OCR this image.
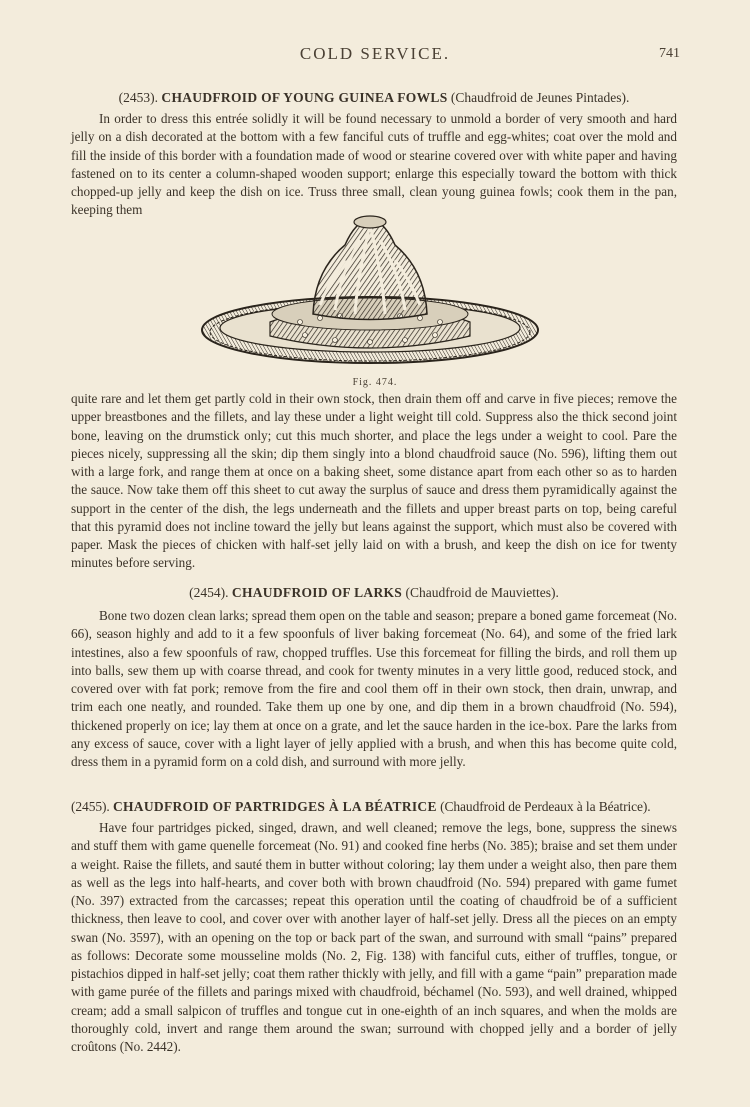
COLD SERVICE.	741

(2453). CHAUDFROID OF YOUNG GUINEA FOWLS (Chaudfroid de Jeunes Pintades).

In order to dress this entrée solidly it will be found necessary to unmold a border of very smooth and hard jelly on a dish decorated at the bottom with a few fanciful cuts of truffle and egg-whites; coat over the mold and fill the inside of this border with a foundation made of wood or stearine covered over with white paper and having fastened on to its center a column-shaped wooden support; enlarge this especially toward the bottom with thick chopped-up jelly and keep the dish on ice. Truss three small, clean young guinea fowls; cook them in the pan, keeping them

Fig. 474.

quite rare and let them get partly cold in their own stock, then drain them off and carve in five pieces; remove the upper breastbones and the fillets, and lay these under a light weight till cold. Suppress also the thick second joint bone, leaving on the drumstick only; cut this much shorter, and place the legs under a weight to cool. Pare the pieces nicely, suppressing all the skin; dip them singly into a blond chaudfroid sauce (No. 596), lifting them out with a large fork, and range them at once on a baking sheet, some distance apart from each other so as to harden the sauce. Now take them off this sheet to cut away the surplus of sauce and dress them pyramidically against the support in the center of the dish, the legs underneath and the fillets and upper breast parts on top, being careful that this pyramid does not incline toward the jelly but leans against the support, which must also be covered with paper. Mask the pieces of chicken with half-set jelly laid on with a brush, and keep the dish on ice for twenty minutes before serving.

(2454). CHAUDFROID OF LARKS (Chaudfroid de Mauviettes).

Bone two dozen clean larks; spread them open on the table and season; prepare a boned game forcemeat (No. 66), season highly and add to it a few spoonfuls of liver baking forcemeat (No. 64), and some of the fried lark intestines, also a few spoonfuls of raw, chopped truffles. Use this forcemeat for filling the birds, and roll them up into balls, sew them up with coarse thread, and cook for twenty minutes in a very little good, reduced stock, and covered over with fat pork; remove from the fire and cool them off in their own stock, then drain, unwrap, and trim each one neatly, and rounded. Take them up one by one, and dip them in a brown chaudfroid (No. 594), thickened properly on ice; lay them at once on a grate, and let the sauce harden in the ice-box. Pare the larks from any excess of sauce, cover with a light layer of jelly applied with a brush, and when this has become quite cold, dress them in a pyramid form on a cold dish, and surround with more jelly.

(2455). CHAUDFROID OF PARTRIDGES À LA BÉATRICE (Chaudfroid de Perdeaux à la Béatrice).

Have four partridges picked, singed, drawn, and well cleaned; remove the legs, bone, suppress the sinews and stuff them with game quenelle forcemeat (No. 91) and cooked fine herbs (No. 385); braise and set them under a weight. Raise the fillets, and sauté them in butter without coloring; lay them under a weight also, then pare them as well as the legs into half-hearts, and cover both with brown chaudfroid (No. 594) prepared with game fumet (No. 397) extracted from the carcasses; repeat this operation until the coating of chaudfroid be of a sufficient thickness, then leave to cool, and cover over with another layer of half-set jelly. Dress all the pieces on an empty swan (No. 3597), with an opening on the top or back part of the swan, and surround with small “pains” prepared as follows: Decorate some mousseline molds (No. 2, Fig. 138) with fanciful cuts, either of truffles, tongue, or pistachios dipped in half-set jelly; coat them rather thickly with jelly, and fill with a game “pain” preparation made with game purée of the fillets and parings mixed with chaudfroid, béchamel (No. 593), and well drained, whipped cream; add a small salpicon of truffles and tongue cut in one-eighth of an inch squares, and when the molds are thoroughly cold, invert and range them around the swan; surround with chopped jelly and a border of jelly croûtons (No. 2442).
